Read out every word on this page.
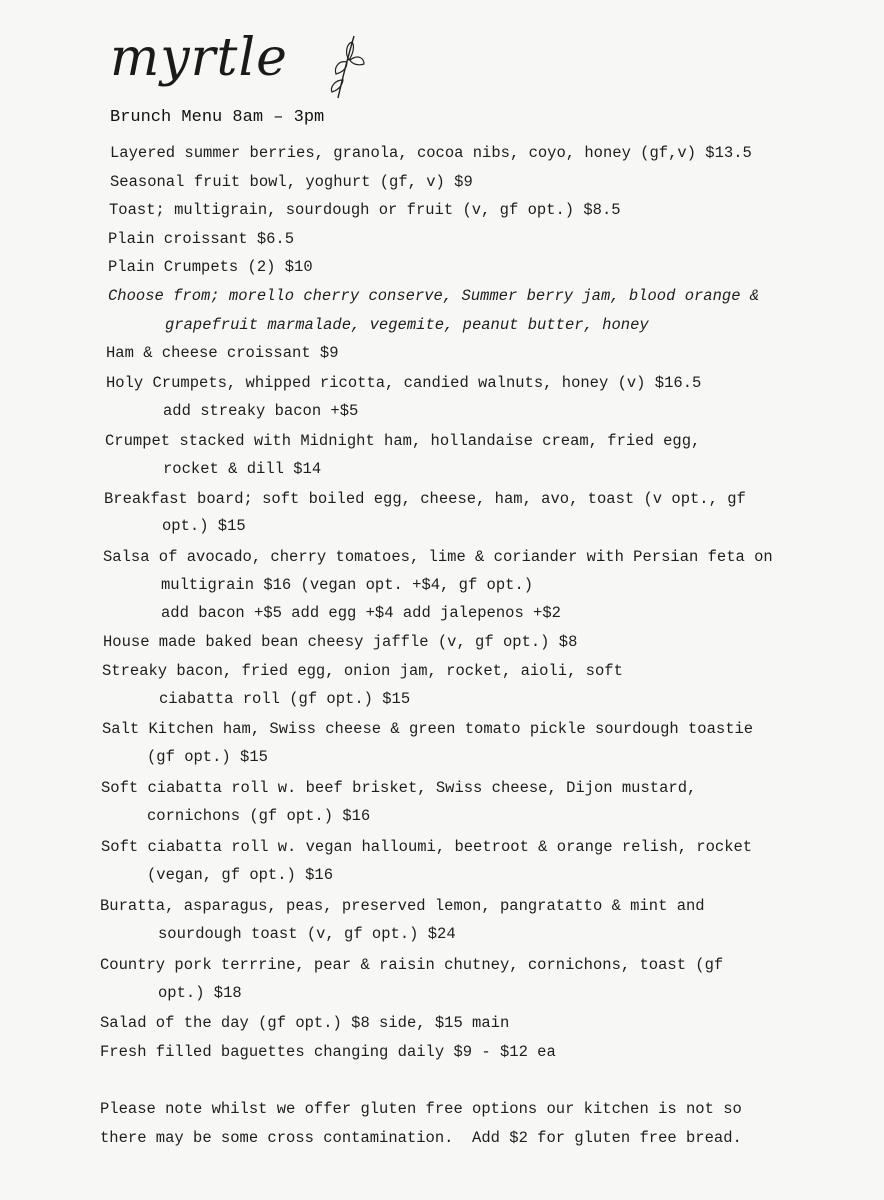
myrtle
Brunch Menu 8am – 3pm
Layered summer berries, granola, cocoa nibs, coyo, honey (gf,v) $13.5
Seasonal fruit bowl, yoghurt (gf, v) $9
Toast; multigrain, sourdough or fruit (v, gf opt.) $8.5
Plain croissant $6.5
Plain Crumpets (2) $10
Choose from; morello cherry conserve, Summer berry jam, blood orange &
grapefruit marmalade, vegemite, peanut butter, honey
Ham & cheese croissant $9
Holy Crumpets, whipped ricotta, candied walnuts, honey (v) $16.5
add streaky bacon +$5
Crumpet stacked with Midnight ham, hollandaise cream, fried egg,
rocket & dill $14
Breakfast board; soft boiled egg, cheese, ham, avo, toast (v opt., gf
opt.) $15
Salsa of avocado, cherry tomatoes, lime & coriander with Persian feta on
multigrain $16 (vegan opt. +$4, gf opt.)
add bacon +$5 add egg +$4 add jalepenos +$2
House made baked bean cheesy jaffle (v, gf opt.) $8
Streaky bacon, fried egg, onion jam, rocket, aioli, soft
ciabatta roll (gf opt.) $15
Salt Kitchen ham, Swiss cheese & green tomato pickle sourdough toastie
(gf opt.) $15
Soft ciabatta roll w. beef brisket, Swiss cheese, Dijon mustard,
cornichons (gf opt.) $16
Soft ciabatta roll w. vegan halloumi, beetroot & orange relish, rocket
(vegan, gf opt.) $16
Buratta, asparagus, peas, preserved lemon, pangratatto & mint and
sourdough toast (v, gf opt.) $24
Country pork terrrine, pear & raisin chutney, cornichons, toast (gf
opt.) $18
Salad of the day (gf opt.) $8 side, $15 main
Fresh filled baguettes changing daily $9 - $12 ea
Please note whilst we offer gluten free options our kitchen is not so
there may be some cross contamination.  Add $2 for gluten free bread.
